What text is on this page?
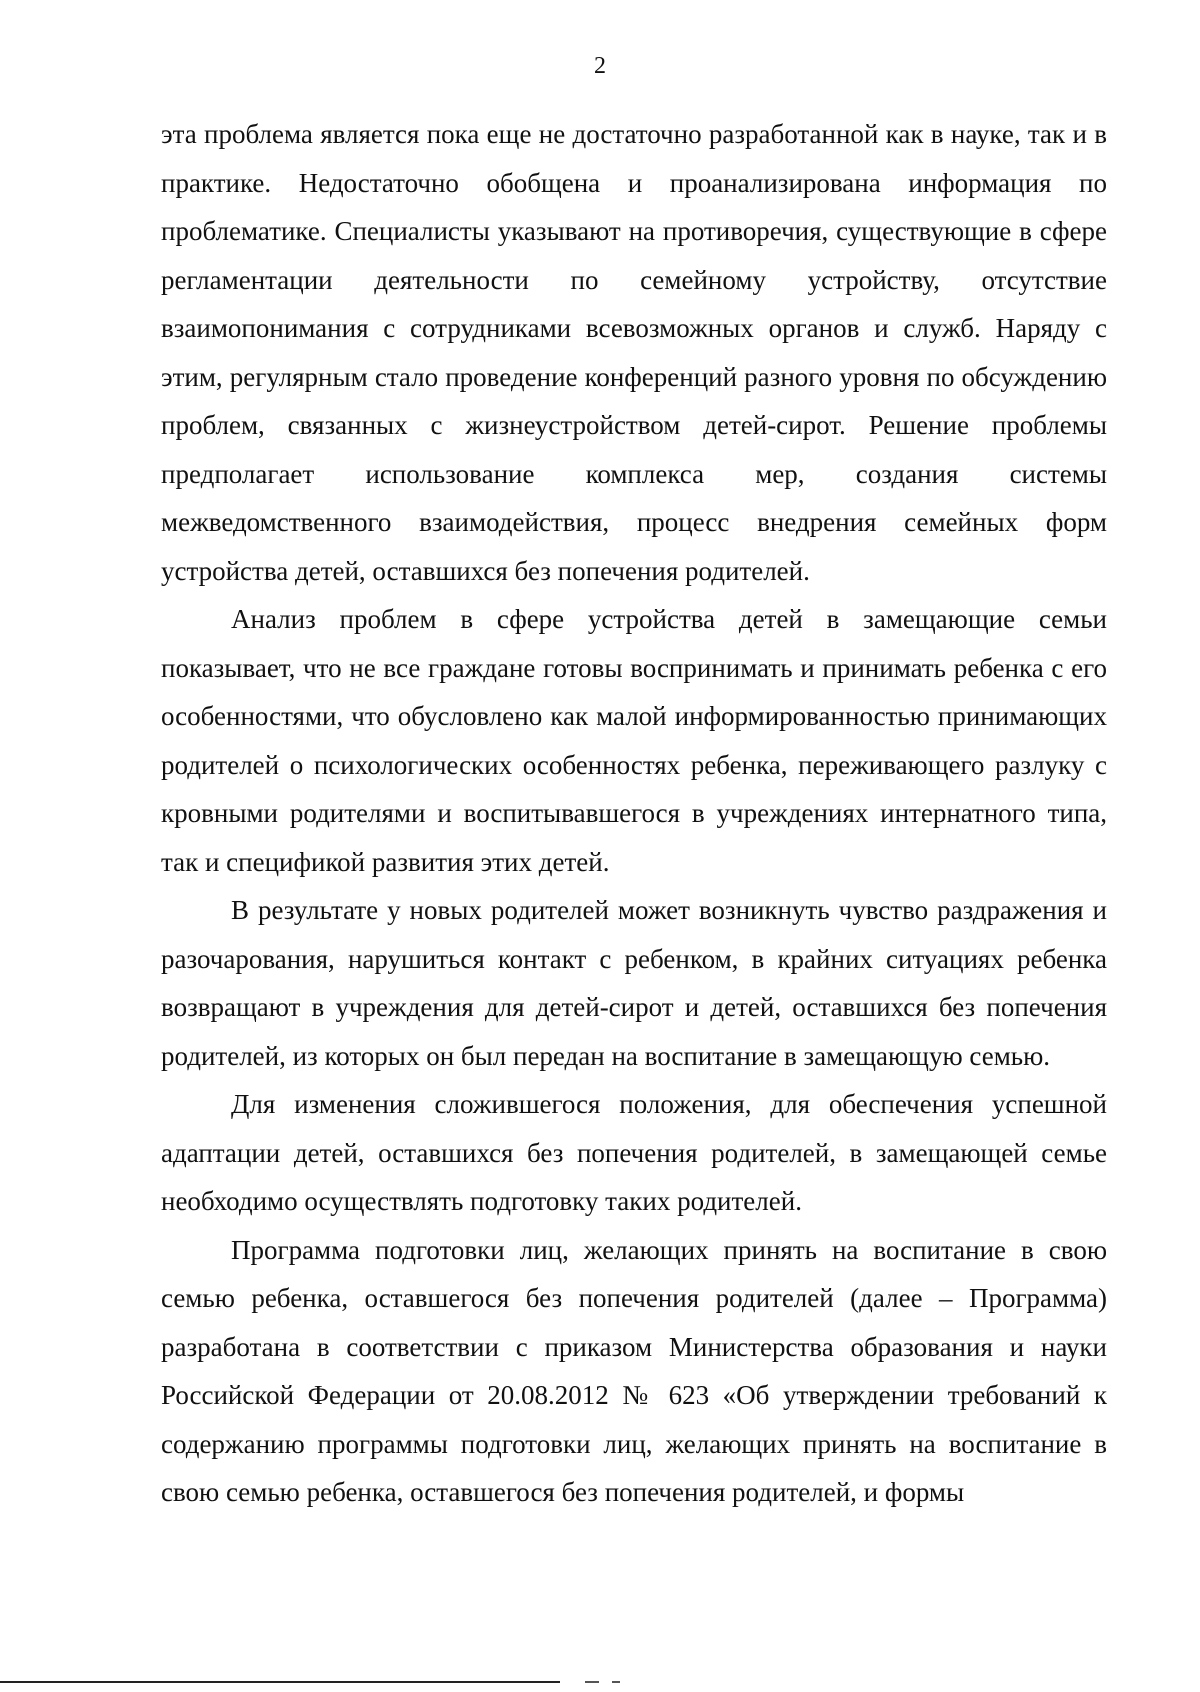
2

эта проблема является пока еще не достаточно разработанной как в науке, так и в практике. Недостаточно обобщена и проанализирована информация по проблематике. Специалисты указывают на противоречия, существующие в сфере регламентации деятельности по семейному устройству, отсутствие взаимопонимания с сотрудниками всевозможных органов и служб. Наряду с этим, регулярным стало проведение конференций разного уровня по обсуждению проблем, связанных с жизнеустройством детей-сирот. Решение проблемы предполагает использование комплекса мер, создания системы межведомственного взаимодействия, процесс внедрения семейных форм устройства детей, оставшихся без попечения родителей.

Анализ проблем в сфере устройства детей в замещающие семьи показывает, что не все граждане готовы воспринимать и принимать ребенка с его особенностями, что обусловлено как малой информированностью принимающих родителей о психологических особенностях ребенка, переживающего разлуку с кровными родителями и воспитывавшегося в учреждениях интернатного типа, так и спецификой развития этих детей.

В результате у новых родителей может возникнуть чувство раздражения и разочарования, нарушиться контакт с ребенком, в крайних ситуациях ребенка возвращают в учреждения для детей-сирот и детей, оставшихся без попечения родителей, из которых он был передан на воспитание в замещающую семью.

Для изменения сложившегося положения, для обеспечения успешной адаптации детей, оставшихся без попечения родителей, в замещающей семье необходимо осуществлять подготовку таких родителей.

Программа подготовки лиц, желающих принять на воспитание в свою семью ребенка, оставшегося без попечения родителей (далее – Программа) разработана в соответствии с приказом Министерства образования и науки Российской Федерации от 20.08.2012 № 623 «Об утверждении требований к содержанию программы подготовки лиц, желающих принять на воспитание в свою семью ребенка, оставшегося без попечения родителей, и формы
